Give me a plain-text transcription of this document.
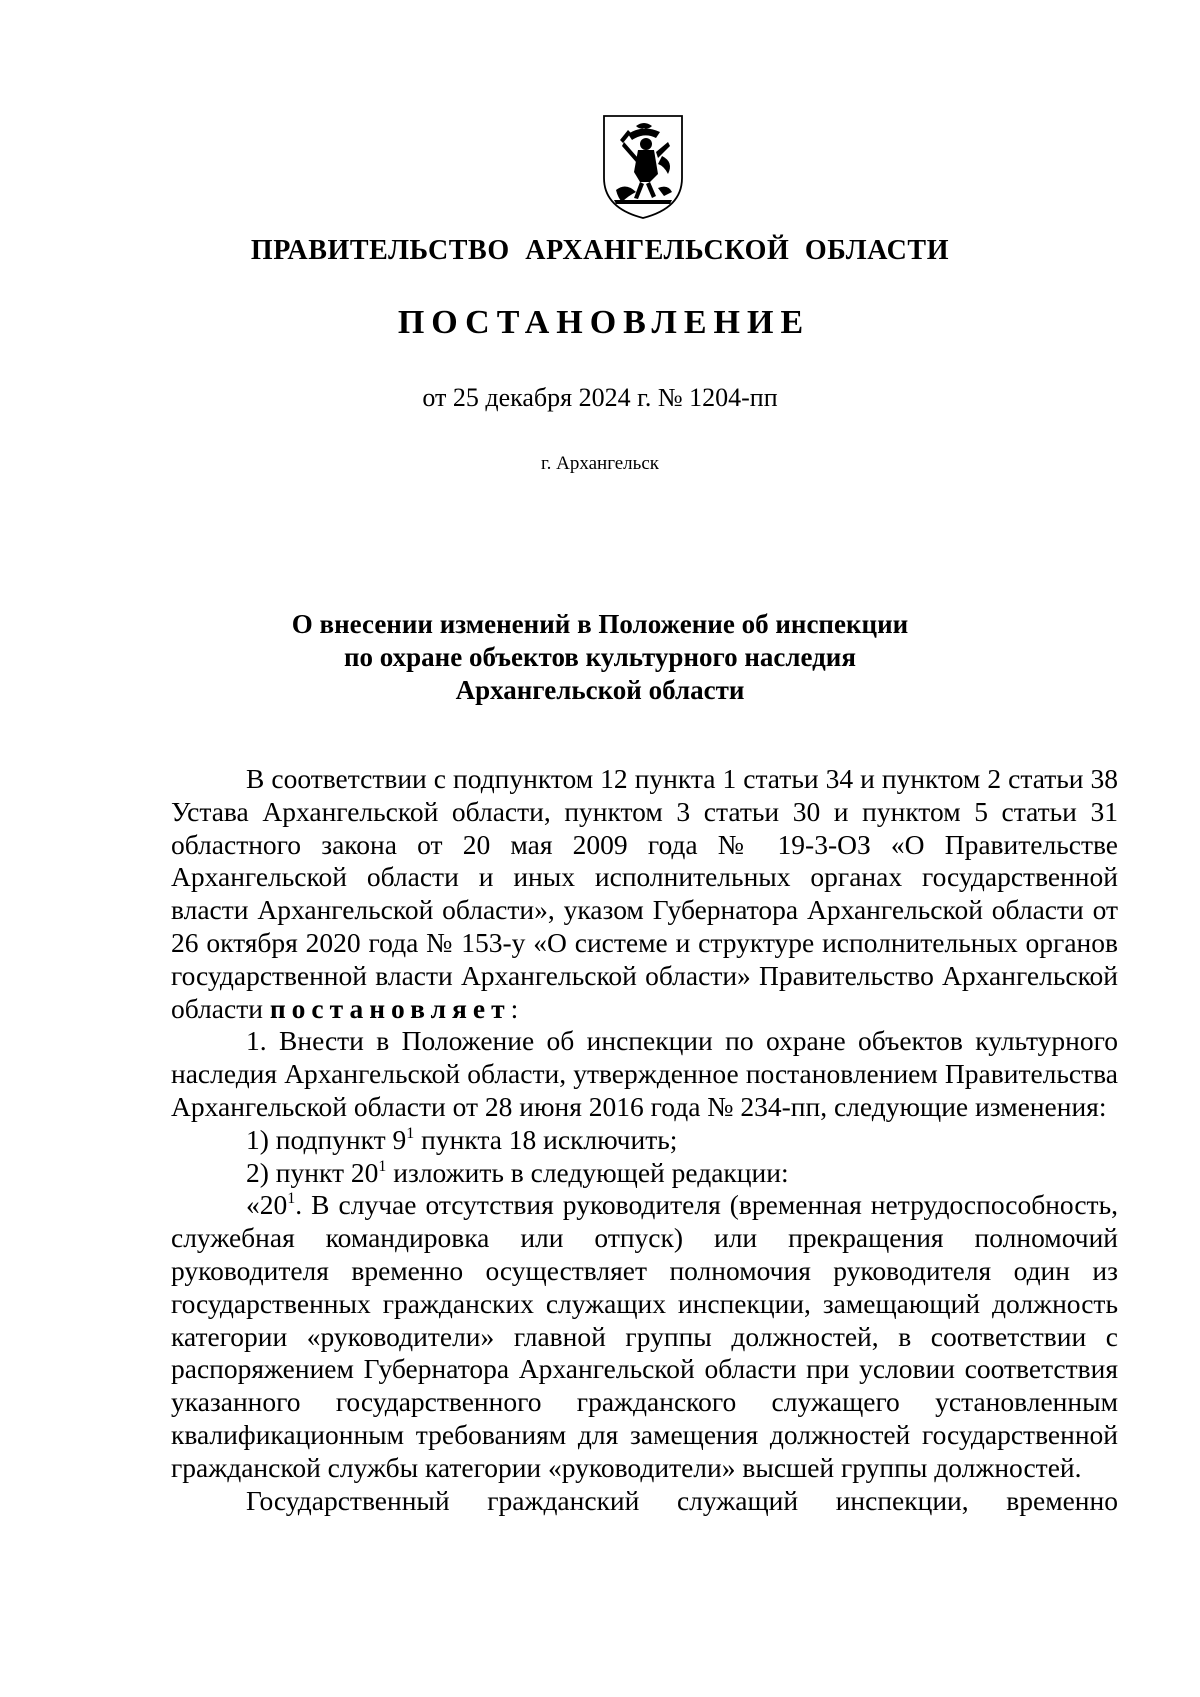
ПРАВИТЕЛЬСТВО АРХАНГЕЛЬСКОЙ ОБЛАСТИ
ПОСТАНОВЛЕНИЕ
от 25 декабря 2024 г. № 1204-пп
г. Архангельск
О внесении изменений в Положение об инспекции
по охране объектов культурного наследия
Архангельской области

В соответствии с подпунктом 12 пункта 1 статьи 34 и пунктом 2 статьи 38 Устава Архангельской области, пунктом 3 статьи 30 и пунктом 5 статьи 31 областного закона от 20 мая 2009 года № 19-3-ОЗ «О Правительстве Архангельской области и иных исполнительных органах государственной власти Архангельской области», указом Губернатора Архангельской области от 26 октября 2020 года № 153-у «О системе и структуре исполнительных органов государственной власти Архангельской области» Правительство Архангельской области постановляет:

1. Внести в Положение об инспекции по охране объектов культурного наследия Архангельской области, утвержденное постановлением Правительства Архангельской области от 28 июня 2016 года № 234-пп, следующие изменения:

1) подпункт $9^1$ пункта 18 исключить;

2) пункт $20^1$ изложить в следующей редакции:

«$20^1$. В случае отсутствия руководителя (временная нетрудоспособность, служебная командировка или отпуск) или прекращения полномочий руководителя временно осуществляет полномочия руководителя один из государственных гражданских служащих инспекции, замещающий должность категории «руководители» главной группы должностей, в соответствии с распоряжением Губернатора Архангельской области при условии соответствия указанного государственного гражданского служащего установленным квалификационным требованиям для замещения должностей государственной гражданской службы категории «руководители» высшей группы должностей.

Государственный гражданский служащий инспекции, временно
